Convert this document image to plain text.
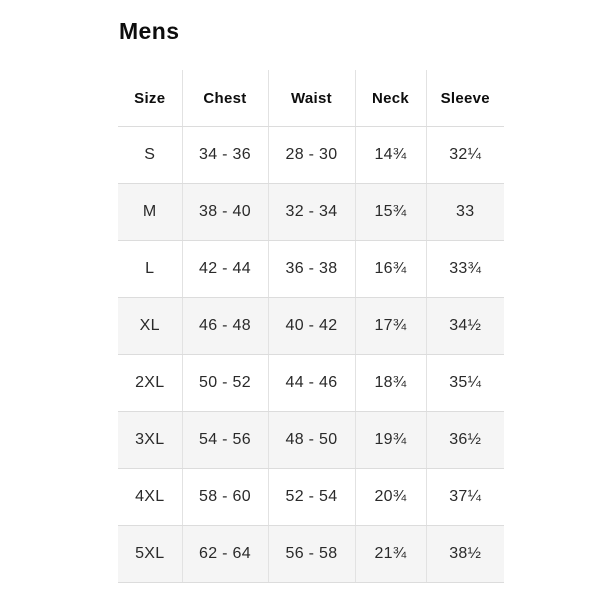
Mens
Size	Chest	Waist	Neck	Sleeve
S	34 - 36	28 - 30	14¾	32¼
M	38 - 40	32 - 34	15¾	33
L	42 - 44	36 - 38	16¾	33¾
XL	46 - 48	40 - 42	17¾	34½
2XL	50 - 52	44 - 46	18¾	35¼
3XL	54 - 56	48 - 50	19¾	36½
4XL	58 - 60	52 - 54	20¾	37¼
5XL	62 - 64	56 - 58	21¾	38½
